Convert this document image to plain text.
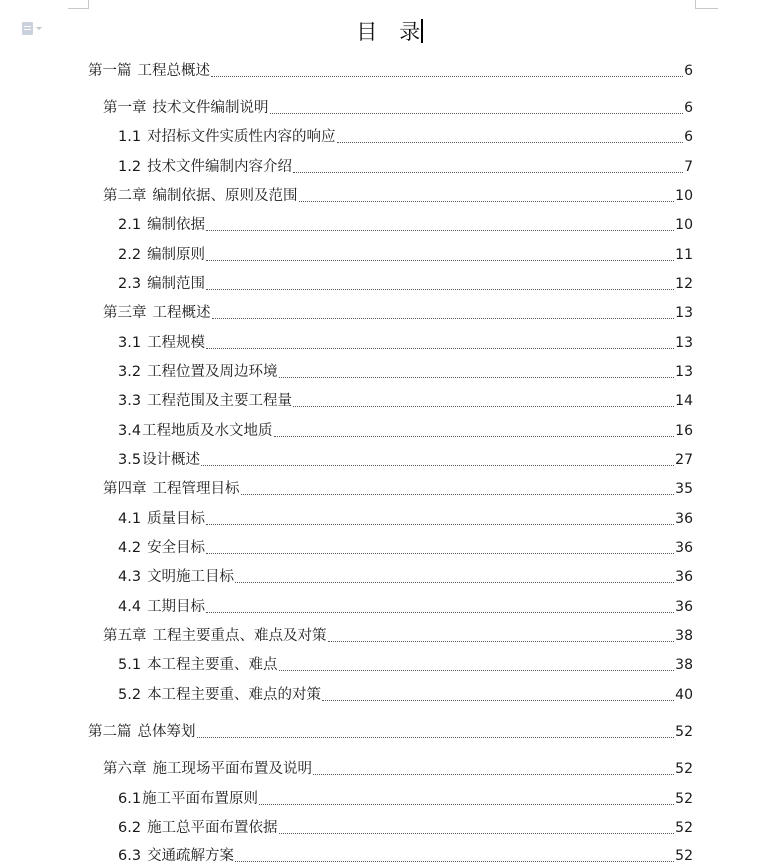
目 录
第一篇 工程总概述	6
第一章 技术文件编制说明	6
1.1 对招标文件实质性内容的响应	6
1.2 技术文件编制内容介绍	7
第二章 编制依据、原则及范围	10
2.1 编制依据	10
2.2 编制原则	11
2.3 编制范围	12
第三章 工程概述	13
3.1 工程规模	13
3.2 工程位置及周边环境	13
3.3 工程范围及主要工程量	14
3.4工程地质及水文地质	16
3.5设计概述	27
第四章 工程管理目标	35
4.1 质量目标	36
4.2 安全目标	36
4.3 文明施工目标	36
4.4 工期目标	36
第五章 工程主要重点、难点及对策	38
5.1 本工程主要重、难点	38
5.2 本工程主要重、难点的对策	40
第二篇 总体筹划	52
第六章 施工现场平面布置及说明	52
6.1施工平面布置原则	52
6.2 施工总平面布置依据	52
6.3 交通疏解方案	52
